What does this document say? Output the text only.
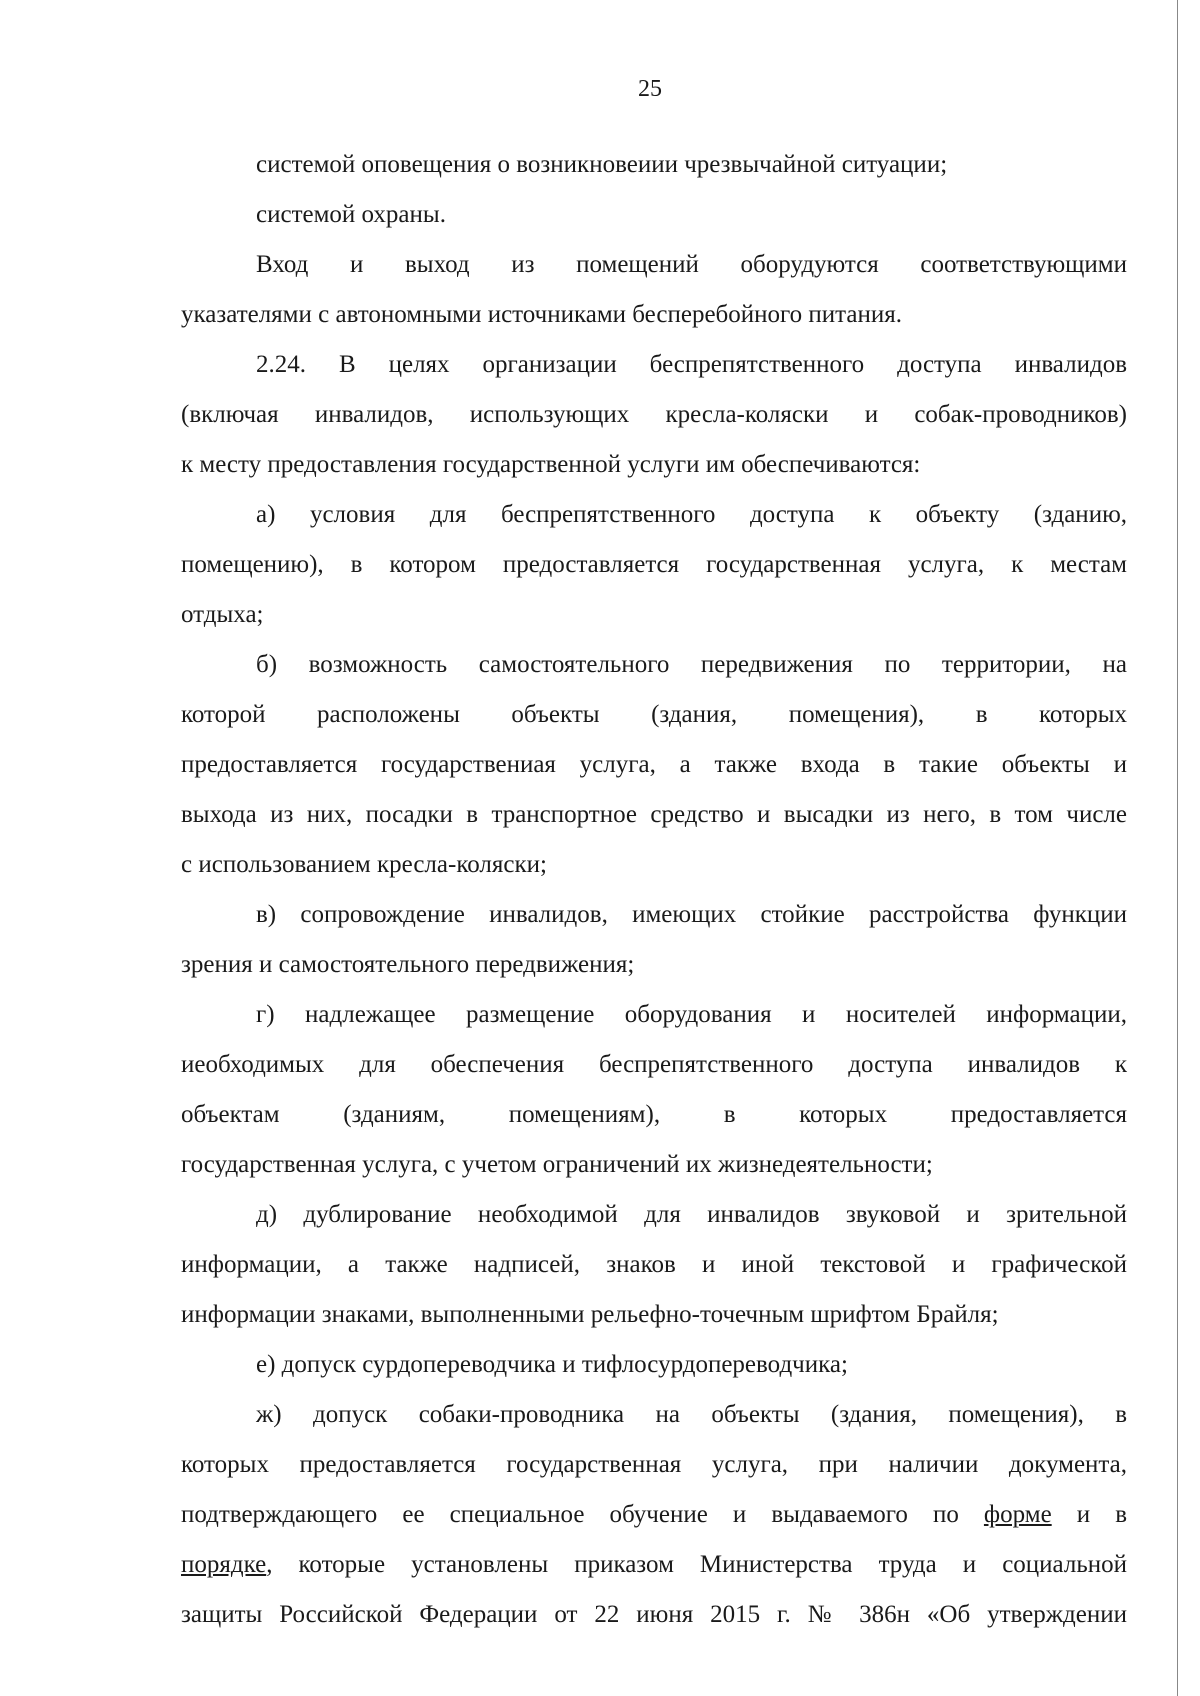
25
системой оповещения о возникновеиии чрезвычайной ситуации;
системой охраны.
Вход и выход из помещений оборудуются соответствующими
указателями с автономными источниками бесперебойного питания.
2.24. В целях организации беспрепятственного доступа инвалидов
(включая инвалидов, использующих кресла-коляски и собак-проводников)
к месту предоставления государственной услуги им обеспечиваются:
а) условия для беспрепятственного доступа к объекту (зданию,
помещению), в котором предоставляется государственная услуга, к местам
отдыха;
б) возможность самостоятельного передвижения по территории, на
которой расположены объекты (здания, помещения), в которых
предоставляется государствениая услуга, а также входа в такие объекты и
выхода из них, посадки в транспортное средство и высадки из него, в том числе
с использованием кресла-коляски;
в) сопровождение инвалидов, имеющих стойкие расстройства функции
зрения и самостоятельного передвижения;
г) надлежащее размещение оборудования и носителей информации,
иеобходимых для обеспечения беспрепятственного доступа инвалидов к
объектам (зданиям, помещениям), в которых предоставляется
государственная услуга, с учетом ограничений их жизнедеятельности;
д) дублирование необходимой для инвалидов звуковой и зрительной
информации, а также надписей, знаков и иной текстовой и графической
информации знаками, выполненными рельефно-точечным шрифтом Брайля;
е) допуск сурдопереводчика и тифлосурдопереводчика;
ж) допуск собаки-проводника на объекты (здания, помещения), в
которых предоставляется государственная услуга, при наличии документа,
подтверждающего ее специальное обучение и выдаваемого по форме и в
порядке, которые установлены приказом Министерства труда и социальной
защиты Российской Федерации от 22 июня 2015 г. № 386н «Об утверждении
